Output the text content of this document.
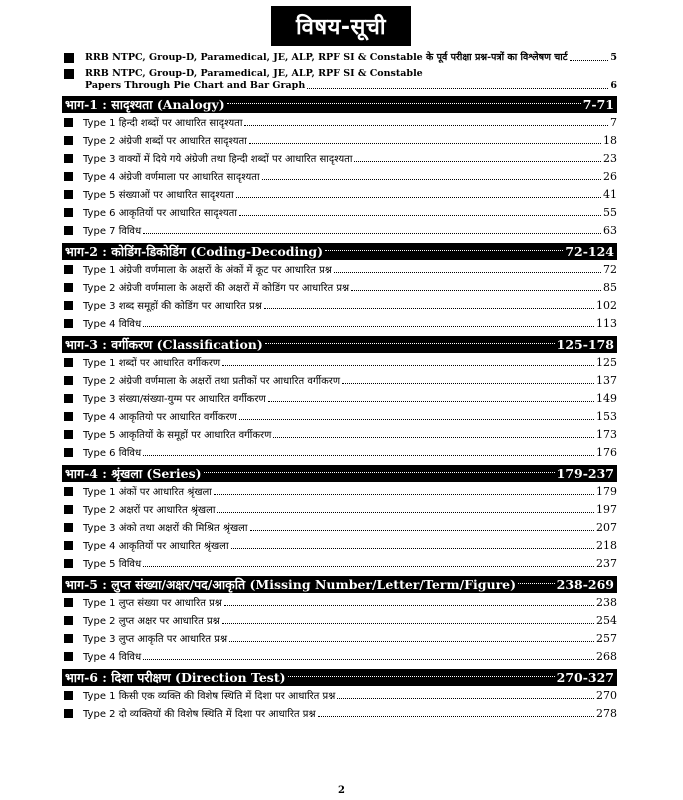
विषय-सूची
RRB NTPC, Group-D, Paramedical, JE, ALP, RPF SI & Constable के पूर्व परीक्षा प्रश्न-पत्रों का विश्लेषण चार्ट	5
RRB NTPC, Group-D, Paramedical, JE, ALP, RPF SI & Constable
Papers Through Pie Chart and Bar Graph	6
भाग-1 : सादृश्यता (Analogy)	7-71
Type 1 हिन्दी शब्दों पर आधारित सादृश्यता	7
Type 2 अंग्रेजी शब्दों पर आधारित सादृश्यता	18
Type 3 वाक्यों में दिये गये अंग्रेजी तथा हिन्दी शब्दों पर आधारित सादृश्यता	23
Type 4 अंग्रेजी वर्णमाला पर आधारित सादृश्यता	26
Type 5 संख्याओं पर आधारित सादृश्यता	41
Type 6 आकृतियों पर आधारित सादृश्यता	55
Type 7 विविध	63
भाग-2 : कोडिंग-डिकोडिंग (Coding-Decoding)	72-124
Type 1 अंग्रेजी वर्णमाला के अक्षरों के अंकों में कूट पर आधारित प्रश्न	72
Type 2 अंग्रेजी वर्णमाला के अक्षरों की अक्षरों में कोडिंग पर आधारित प्रश्न	85
Type 3 शब्द समूहों की कोडिंग पर आधारित प्रश्न	102
Type 4 विविध	113
भाग-3 : वर्गीकरण (Classification)	125-178
Type 1 शब्दों पर आधारित वर्गीकरण	125
Type 2 अंग्रेजी वर्णमाला के अक्षरों तथा प्रतीकों पर आधारित वर्गीकरण	137
Type 3 संख्या/संख्या-युग्म पर आधारित वर्गीकरण	149
Type 4 आकृतियो पर आधारित वर्गीकरण	153
Type 5 आकृतियों के समूहों पर आधारित वर्गीकरण	173
Type 6 विविध	176
भाग-4 : श्रृंखला (Series)	179-237
Type 1 अंकों पर आधारित श्रृंखला	179
Type 2 अक्षरों पर आधारित श्रृंखला	197
Type 3 अंको तथा अक्षरों की मिश्रित श्रृंखला	207
Type 4 आकृतियों पर आधारित श्रृंखला	218
Type 5 विविध	237
भाग-5 : लुप्त संख्या/अक्षर/पद/आकृति (Missing Number/Letter/Term/Figure)	238-269
Type 1 लुप्त संख्या पर आधारित प्रश्न	238
Type 2 लुप्त अक्षर पर आधारित प्रश्न	254
Type 3 लुप्त आकृति पर आधारित प्रश्न	257
Type 4 विविध	268
भाग-6 : दिशा परीक्षण (Direction Test)	270-327
Type 1 किसी एक व्यक्ति की विशेष स्थिति में दिशा पर आधारित प्रश्न	270
Type 2 दो व्यक्तियों की विशेष स्थिति में दिशा पर आधारित प्रश्न	278
2
